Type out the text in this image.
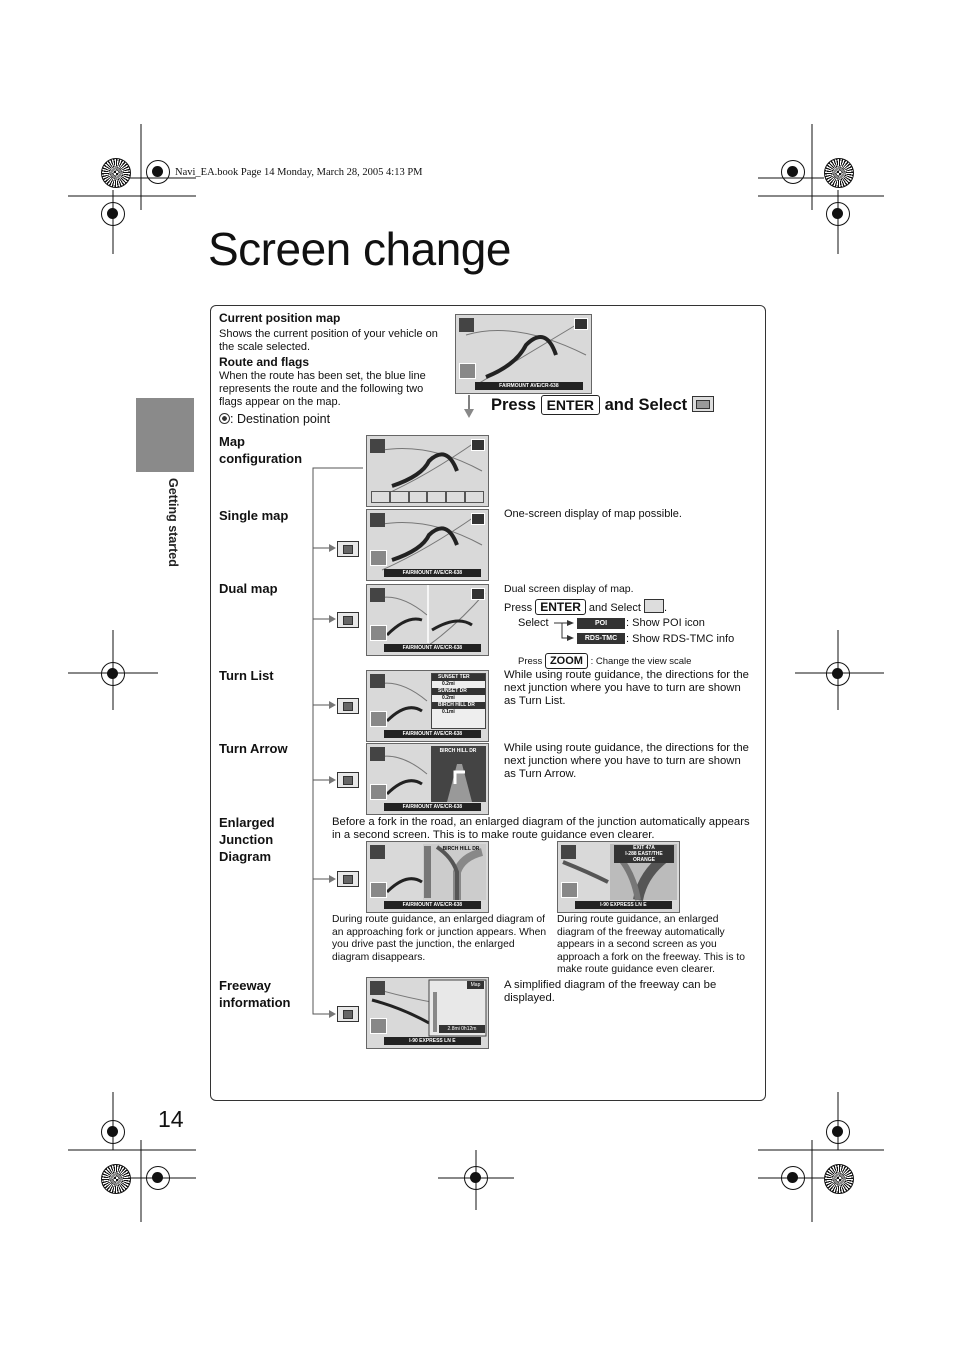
Navi_EA.book Page 14 Monday, March 28, 2005 4:13 PM
Screen change
Getting started
Current position map
Shows the current position of your vehicle on the scale selected.
Route and flags
When the route has been set, the blue line represents the route and the following two flags appear on the map.
: Destination point
FAIRMOUNT AVE/CR-638
Press ENTER and Select
Map
configuration
Single map
FAIRMOUNT AVE/CR-638
One-screen display of map possible.
Dual map
FAIRMOUNT AVE/CR-638
Dual screen display of map.
Press ENTER and Select .
Select	POI	: Show POI icon
RDS-TMC : Show RDS-TMC info
Press ZOOM : Change the view scale
Turn List	SUNSET TER
0.2mi
SUNSET DR
0.2mi
BIRCH HILL DR
0.1mi
FAIRMOUNT AVE/CR-638
While using route guidance, the directions for the next junction where you have to turn are shown as Turn List.
Turn Arrow	BIRCH HILL DR
FAIRMOUNT AVE/CR-638
While using route guidance, the directions for the next junction where you have to turn are shown as Turn Arrow.
Enlarged
Junction
Diagram
Before a fork in the road, an enlarged diagram of the junction automatically appears in a second screen. This is to make route guidance even clearer.
BIRCH HILL DR
FAIRMOUNT AVE/CR-638
EXIT 47A
I-288 EAST/THE ORANGE
I-90 EXPRESS LN E
During route guidance, an enlarged diagram of an approaching fork or junction appears. When you drive past the junction, the enlarged diagram disappears.
During route guidance, an enlarged diagram of the freeway automatically appears in a second screen as you approach a fork on the freeway. This is to make route guidance even clearer.
Freeway
information
Map
2.8mi 0h12m
I-90 EXPRESS LN E
A simplified diagram of the freeway can be displayed.
14
